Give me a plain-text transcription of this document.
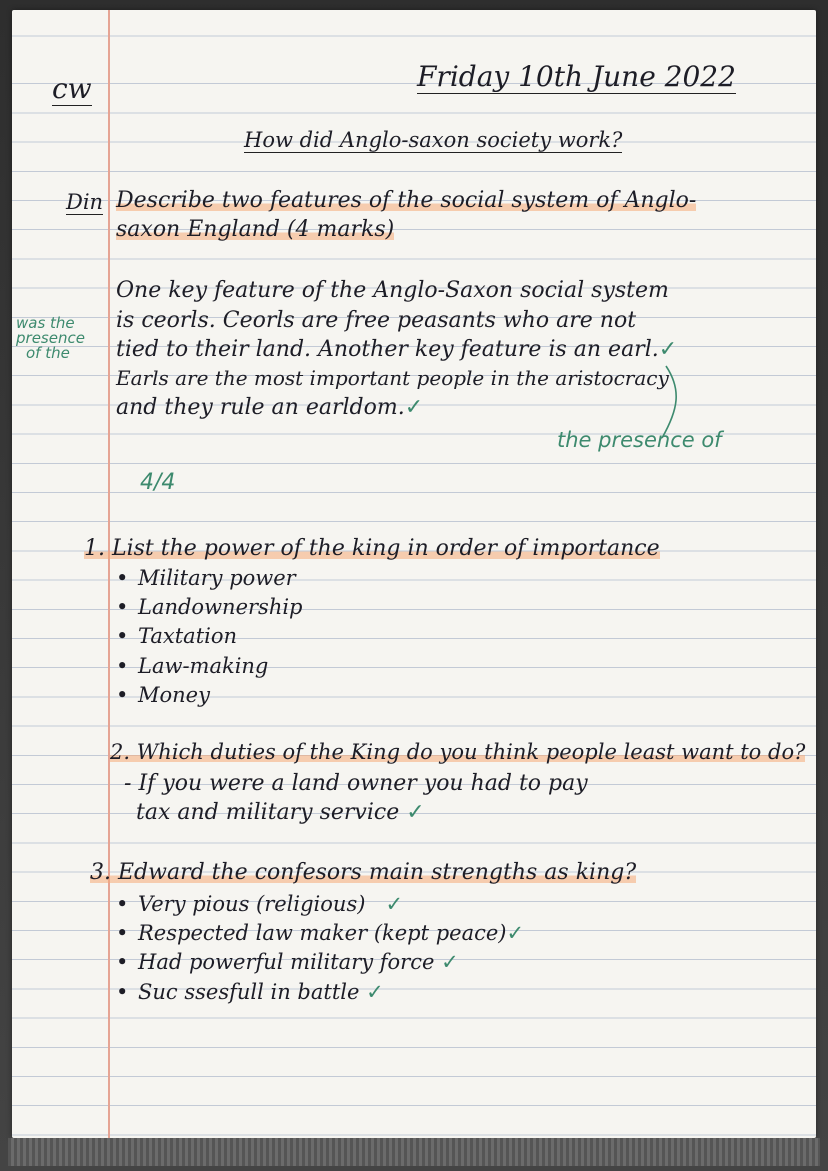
cw	Friday 10th June 2022
How did Anglo-saxon society work?
Din Describe two features of the social system of Anglo-
saxon England (4 marks)
One key feature of the Anglo-Saxon social system
is ceorls. Ceorls are free peasants who are not
tied to their land. Another key feature is an earl.✓
Earls are the most important people in the aristocracy
and they rule an earldom.✓
was the
presence
of the
the presence of
4/4
1. List the power of the king in order of importance
• Military power
• Landownership
• Taxtation
• Law-making
• Money
2. Which duties of the King do you think people least want to do?
- If you were a land owner you had to pay
tax and military service ✓
3. Edward the confesors main strengths as king?
• Very pious (religious) ✓
• Respected law maker (kept peace)✓
• Had powerful military force ✓
• Suc ssesfull in battle ✓
